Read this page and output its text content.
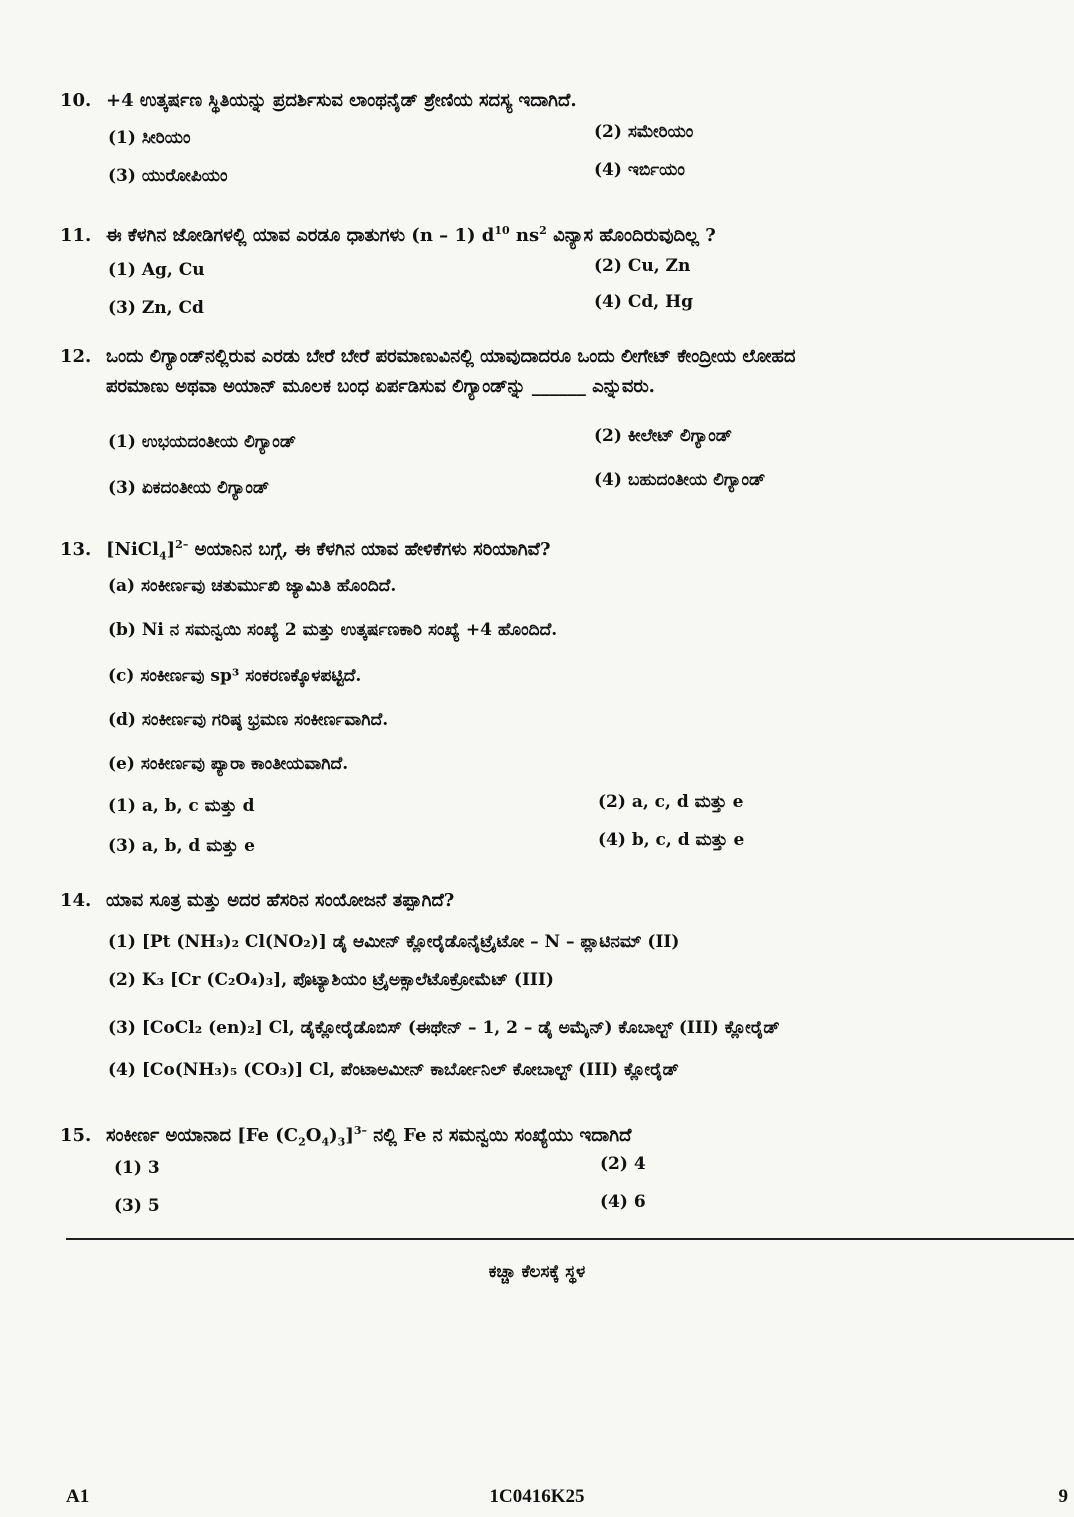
10. +4 ಉತ್ಕರ್ಷಣ ಸ್ಥಿತಿಯನ್ನು ಪ್ರದರ್ಶಿಸುವ ಲಾಂಥನೈಡ್ ಶ್ರೇಣಿಯ ಸದಸ್ಯ ಇದಾಗಿದೆ.
(1) ಸೀರಿಯಂ	(2) ಸಮೇರಿಯಂ
(3) ಯುರೋಪಿಯಂ	(4) ಇರ್ಬಿಯಂ
11. ಈ ಕೆಳಗಿನ ಜೋಡಿಗಳಲ್ಲಿ ಯಾವ ಎರಡೂ ಧಾತುಗಳು (n – 1) $d^{10}$ $ns^2$ ವಿನ್ಯಾಸ ಹೊಂದಿರುವುದಿಲ್ಲ ?
(1) Ag, Cu	(2) Cu, Zn
(3) Zn, Cd	(4) Cd, Hg
12. ಒಂದು ಲಿಗ್ಯಾಂಡ್‌ನಲ್ಲಿರುವ ಎರಡು ಬೇರೆ ಬೇರೆ ಪರಮಾಣುವಿನಲ್ಲಿ ಯಾವುದಾದರೂ ಒಂದು ಲೀಗೇಟ್ ಕೇಂದ್ರೀಯ ಲೋಹದ
ಪರಮಾಣು ಅಥವಾ ಅಯಾನ್ ಮೂಲಕ ಬಂಧ ಏರ್ಪಡಿಸುವ ಲಿಗ್ಯಾಂಡ್‌ನ್ನು ______ ಎನ್ನುವರು.
(1) ಉಭಯದಂತೀಯ ಲಿಗ್ಯಾಂಡ್	(2) ಕೀಲೇಟ್ ಲಿಗ್ಯಾಂಡ್
(3) ಏಕದಂತೀಯ ಲಿಗ್ಯಾಂಡ್	(4) ಬಹುದಂತೀಯ ಲಿಗ್ಯಾಂಡ್
13. [NiCl$_4$]$^{2-}$ ಅಯಾನಿನ ಬಗ್ಗೆ, ಈ ಕೆಳಗಿನ ಯಾವ ಹೇಳಿಕೆಗಳು ಸರಿಯಾಗಿವೆ?
(a) ಸಂಕೀರ್ಣವು ಚತುರ್ಮುಖಿ ಜ್ಯಾಮಿತಿ ಹೊಂದಿದೆ.
(b) Ni ನ ಸಮನ್ವಯಿ ಸಂಖ್ಯೆ 2 ಮತ್ತು ಉತ್ಕರ್ಷಣಕಾರಿ ಸಂಖ್ಯೆ +4 ಹೊಂದಿದೆ.
(c) ಸಂಕೀರ್ಣವು sp³ ಸಂಕರಣಕ್ಕೊಳಪಟ್ಟಿದೆ.
(d) ಸಂಕೀರ್ಣವು ಗರಿಷ್ಠ ಭ್ರಮಣ ಸಂಕೀರ್ಣವಾಗಿದೆ.
(e) ಸಂಕೀರ್ಣವು ಪ್ಯಾರಾ ಕಾಂತೀಯವಾಗಿದೆ.
(1) a, b, c ಮತ್ತು d	(2) a, c, d ಮತ್ತು e
(3) a, b, d ಮತ್ತು e	(4) b, c, d ಮತ್ತು e
14. ಯಾವ ಸೂತ್ರ ಮತ್ತು ಅದರ ಹೆಸರಿನ ಸಂಯೋಜನೆ ತಪ್ಪಾಗಿದೆ?
(1) [Pt (NH₃)₂ Cl(NO₂)] ಡೈ ಆಮೀನ್ ಕ್ಲೋರೈಡೊನೈಟ್ರೈಟೋ – N – ಪ್ಲಾಟಿನಮ್ (II)
(2) K₃ [Cr (C₂O₄)₃], ಪೊಟ್ಯಾಶಿಯಂ ಟ್ರೈಅಕ್ಸಾಲೆಟೊಕ್ರೋಮೆಟ್ (III)
(3) [CoCl₂ (en)₂] Cl, ಡೈಕ್ಲೋರೈಡೊಬಿಸ್ (ಈಥೇನ್ – 1, 2 – ಡೈ ಅಮೈನ್) ಕೊಬಾಲ್ಟ್ (III) ಕ್ಲೋರೈಡ್
(4) [Co(NH₃)₅ (CO₃)] Cl, ಪೆಂಟಾಅಮೀನ್ ಕಾರ್ಬೋನಿಲ್ ಕೋಬಾಲ್ಟ್ (III) ಕ್ಲೋರೈಡ್
15. ಸಂಕೀರ್ಣ ಅಯಾನಾದ [Fe $(C_2O_4)_3]^{3-}$ ನಲ್ಲಿ Fe ನ ಸಮನ್ವಯಿ ಸಂಖ್ಯೆಯು ಇದಾಗಿದೆ
(1) 3	(2) 4
(3) 5	(4) 6
ಕಚ್ಚಾ ಕೆಲಸಕ್ಕೆ ಸ್ಥಳ
A1	1C0416K25	9
